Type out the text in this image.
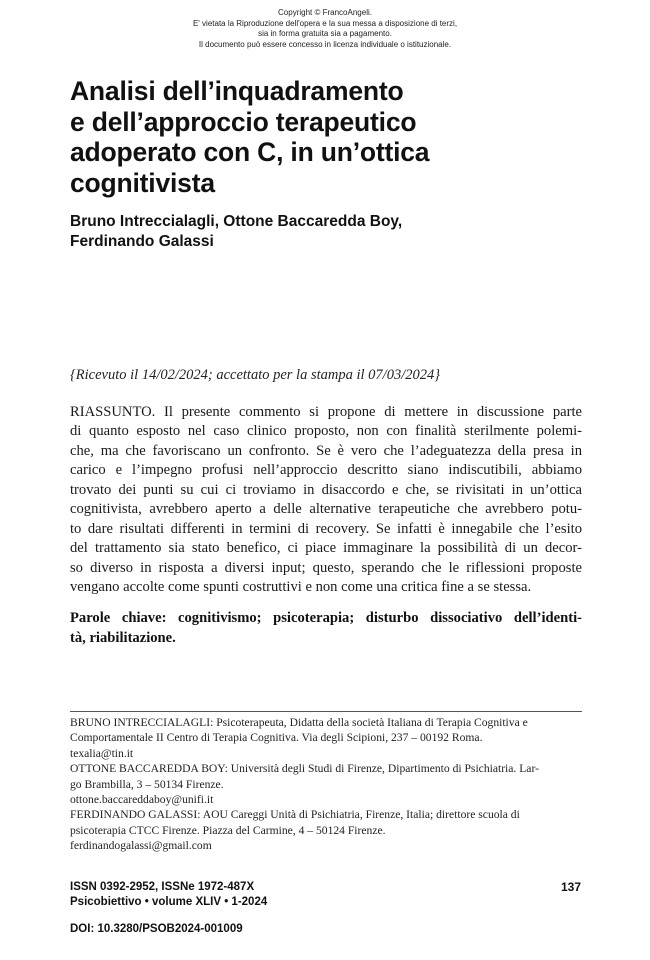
Copyright © FrancoAngeli.
E' vietata la Riproduzione dell'opera e la sua messa a disposizione di terzi,
sia in forma gratuita sia a pagamento.
Il documento può essere concesso in licenza individuale o istituzionale.
Analisi dell’inquadramento
e dell’approccio terapeutico
adoperato con C, in un’ottica
cognitivista
Bruno Intreccialagli, Ottone Baccaredda Boy,
Ferdinando Galassi
{Ricevuto il 14/02/2024; accettato per la stampa il 07/03/2024}
RIASSUNTO. Il presente commento si propone di mettere in discussione parte
di quanto esposto nel caso clinico proposto, non con finalità sterilmente polemi-
che, ma che favoriscano un confronto. Se è vero che l’adeguatezza della presa in
carico e l’impegno profusi nell’approccio descritto siano indiscutibili, abbiamo
trovato dei punti su cui ci troviamo in disaccordo e che, se rivisitati in un’ottica
cognitivista, avrebbero aperto a delle alternative terapeutiche che avrebbero potu-
to dare risultati differenti in termini di recovery. Se infatti è innegabile che l’esito
del trattamento sia stato benefico, ci piace immaginare la possibilità di un decor-
so diverso in risposta a diversi input; questo, sperando che le riflessioni proposte
vengano accolte come spunti costruttivi e non come una critica fine a se stessa.
Parole chiave: cognitivismo; psicoterapia; disturbo dissociativo dell’identi-
tà, riabilitazione.
BRUNO INTRECCIALAGLI: Psicoterapeuta, Didatta della società Italiana di Terapia Cognitiva e
Comportamentale II Centro di Terapia Cognitiva. Via degli Scipioni, 237 – 00192 Roma.
texalia@tin.it
OTTONE BACCAREDDA BOY: Università degli Studi di Firenze, Dipartimento di Psichiatria. Lar-
go Brambilla, 3 – 50134 Firenze.
ottone.baccareddaboy@unifi.it
FERDINANDO GALASSI: AOU Careggi Unità di Psichiatria, Firenze, Italia; direttore scuola di
psicoterapia CTCC Firenze. Piazza del Carmine, 4 – 50124 Firenze.
ferdinandogalassi@gmail.com
ISSN 0392-2952, ISSNe 1972-487X
Psicobiettivo • volume XLIV • 1-2024
137
DOI: 10.3280/PSOB2024-001009
